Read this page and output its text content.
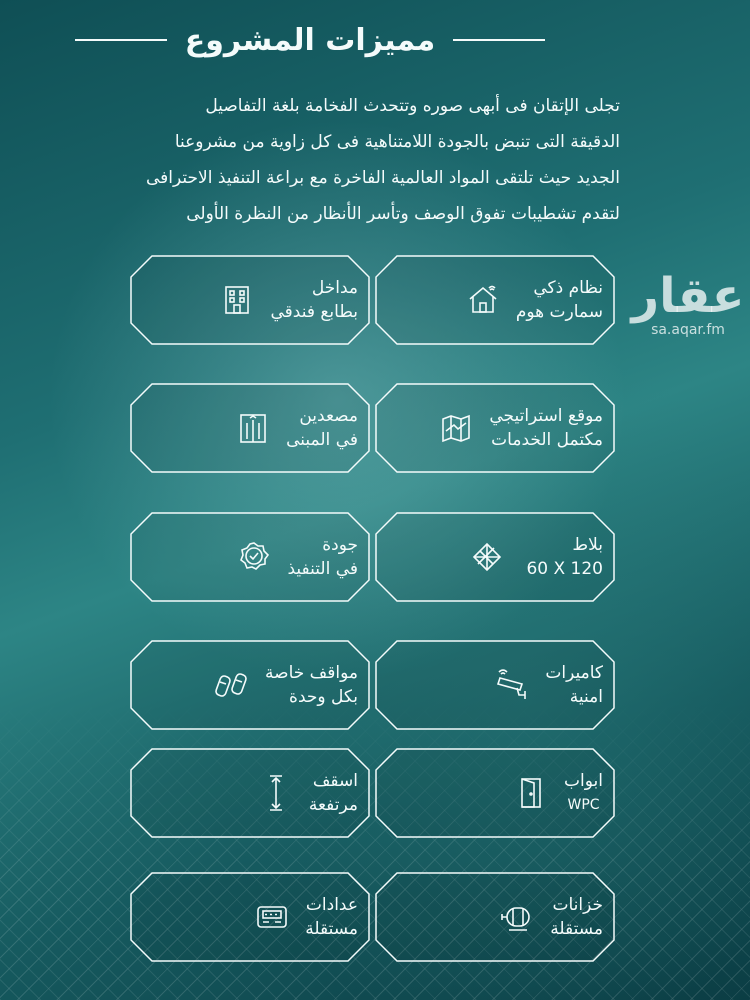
مميزات المشروع
تجلى الإتقان فى أبهى صوره وتتحدث الفخامة بلغة التفاصيل
الدقيقة التى تنبض بالجودة اللامتناهية فى كل زاوية من مشروعنا
الجديد حيث تلتقى المواد العالمية الفاخرة مع براعة التنفيذ الاحترافى
لتقدم تشطيبات تفوق الوصف وتأسر الأنظار من النظرة الأولى
عقار
sa.aqar.fm
نظام ذكي
سمارت هوم
مداخل
بطابع فندقي
موقع استراتيجي
مكتمل الخدمات
مصعدين
في المبنى
بلاط
60 X 120
جودة
في التنفيذ
كاميرات
امنية
مواقف خاصة
بكل وحدة
ابواب
WPC
اسقف
مرتفعة
خزانات
مستقلة
عدادات
مستقلة
